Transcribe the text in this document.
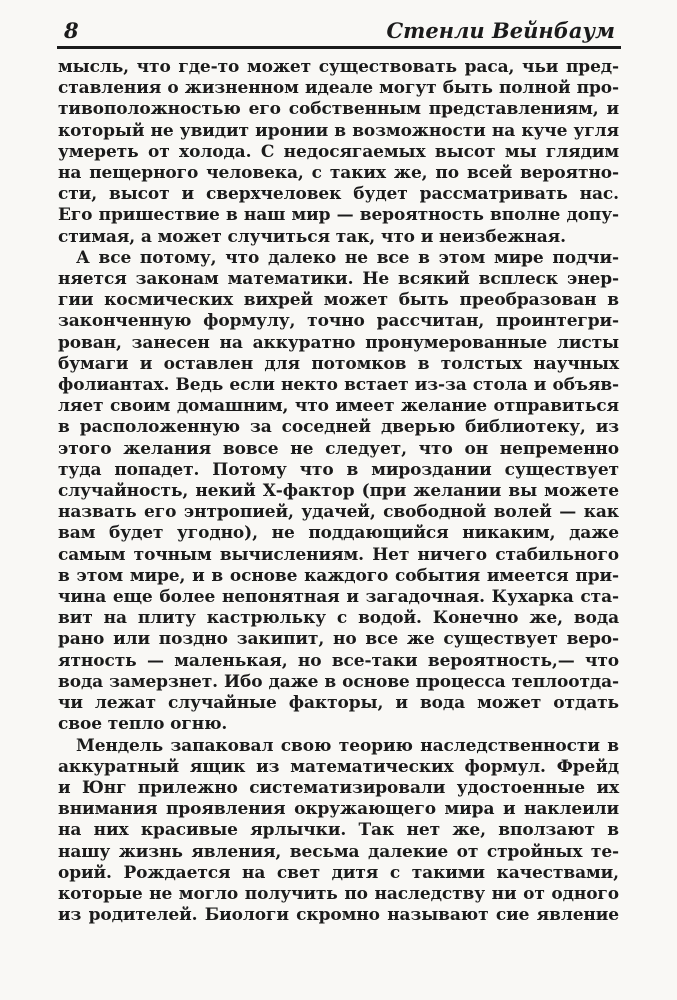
8	Стенли Вейнбаум
мысль, что где-то может существовать раса, чьи пред-
ставления о жизненном идеале могут быть полной про-
тивоположностью его собственным представлениям, и
который не увидит иронии в возможности на куче угля
умереть от холода. С недосягаемых высот мы глядим
на пещерного человека, с таких же, по всей вероятно-
сти, высот и сверхчеловек будет рассматривать нас.
Его пришествие в наш мир — вероятность вполне допу-
стимая, а может случиться так, что и неизбежная.
А все потому, что далеко не все в этом мире подчи-
няется законам математики. Не всякий всплеск энер-
гии космических вихрей может быть преобразован в
законченную формулу, точно рассчитан, проинтегри-
рован, занесен на аккуратно пронумерованные листы
бумаги и оставлен для потомков в толстых научных
фолиантах. Ведь если некто встает из-за стола и объяв-
ляет своим домашним, что имеет желание отправиться
в расположенную за соседней дверью библиотеку, из
этого желания вовсе не следует, что он непременно
туда попадет. Потому что в мироздании существует
случайность, некий Х-фактор (при желании вы можете
назвать его энтропией, удачей, свободной волей — как
вам будет угодно), не поддающийся никаким, даже
самым точным вычислениям. Нет ничего стабильного
в этом мире, и в основе каждого события имеется при-
чина еще более непонятная и загадочная. Кухарка ста-
вит на плиту кастрюльку с водой. Конечно же, вода
рано или поздно закипит, но все же существует веро-
ятность — маленькая, но все-таки вероятность,— что
вода замерзнет. Ибо даже в основе процесса теплоотда-
чи лежат случайные факторы, и вода может отдать
свое тепло огню.
Мендель запаковал свою теорию наследственности в
аккуратный ящик из математических формул. Фрейд
и Юнг прилежно систематизировали удостоенные их
внимания проявления окружающего мира и наклеили
на них красивые ярлычки. Так нет же, вползают в
нашу жизнь явления, весьма далекие от стройных те-
орий. Рождается на свет дитя с такими качествами,
которые не могло получить по наследству ни от одного
из родителей. Биологи скромно называют сие явление
